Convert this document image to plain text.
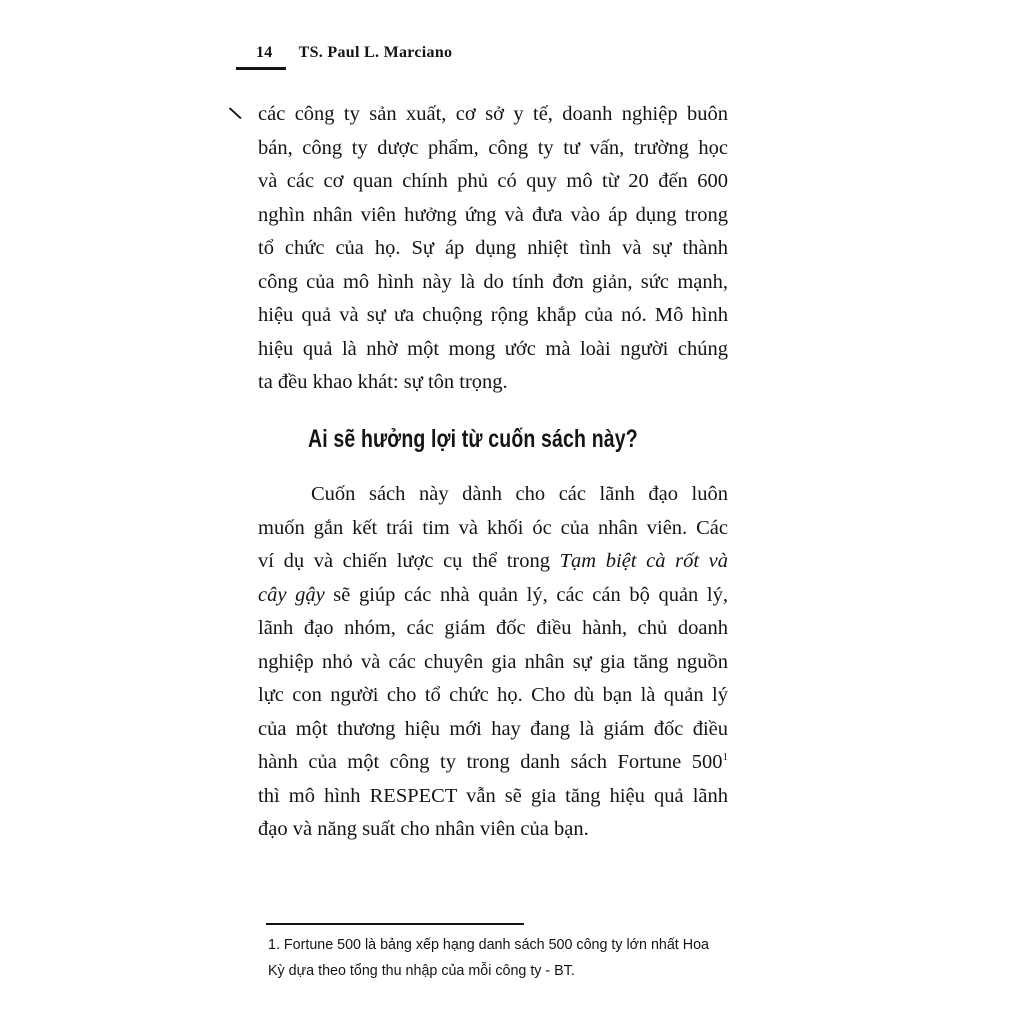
14 TS. Paul L. Marciano
\ các công ty sản xuất, cơ sở y tế, doanh nghiệp buôn
bán, công ty dược phẩm, công ty tư vấn, trường học
và các cơ quan chính phủ có quy mô từ 20 đến 600
nghìn nhân viên hưởng ứng và đưa vào áp dụng trong
tổ chức của họ. Sự áp dụng nhiệt tình và sự thành
công của mô hình này là do tính đơn giản, sức mạnh,
hiệu quả và sự ưa chuộng rộng khắp của nó. Mô hình
hiệu quả là nhờ một mong ước mà loài người chúng
ta đều khao khát: sự tôn trọng.
Ai sẽ hưởng lợi từ cuốn sách này?
Cuốn sách này dành cho các lãnh đạo luôn
muốn gắn kết trái tim và khối óc của nhân viên. Các
ví dụ và chiến lược cụ thể trong Tạm biệt cà rốt và
cây gậy sẽ giúp các nhà quản lý, các cán bộ quản lý,
lãnh đạo nhóm, các giám đốc điều hành, chủ doanh
nghiệp nhỏ và các chuyên gia nhân sự gia tăng nguồn
lực con người cho tổ chức họ. Cho dù bạn là quản lý
của một thương hiệu mới hay đang là giám đốc điều
hành của một công ty trong danh sách Fortune $500^1$
thì mô hình RESPECT vẫn sẽ gia tăng hiệu quả lãnh
đạo và năng suất cho nhân viên của bạn.
1. Fortune 500 là bảng xếp hạng danh sách 500 công ty lớn nhất Hoa
Kỳ dựa theo tổng thu nhập của mỗi công ty - BT.
